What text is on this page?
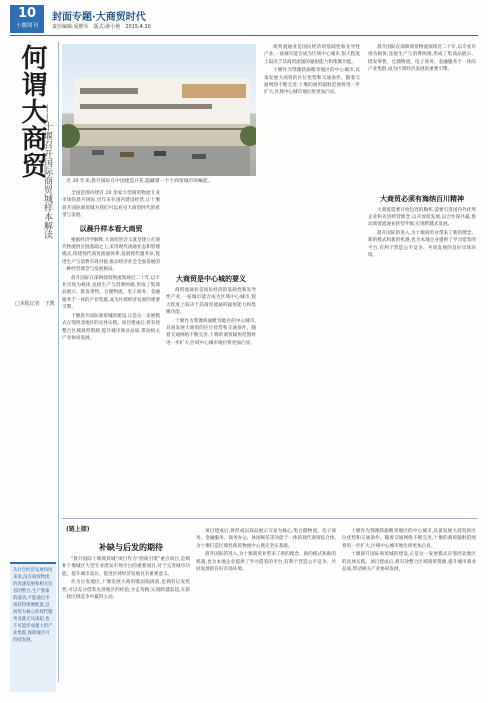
10
十堰周刊
封面专题·大商贸时代
责任编辑:夏维军　版式:薛小艳　2015.4.10
何谓大商贸
——十堰召开国际商贸城样本解读
□本报记者　王凯
近 20 年来,晨升国际在中国建造开花,隐藏着一个个商贸城市的崛起。

全国范围内建有 20 余家大型商贸物流专业市场的晨升国际,近年来在国内建设经营,让十堰晨升国际商贸城为我们可以看见大商贸时代的希望与发展。

以晨升样本看大商贸

根据经济学解释,大商贸的含义就是建立在现代物流供应链基础之上,采用现代流通业态和管理模式,构建现代商贸流通体系,发展现代服务业,促进生产与消费有效对接,推动经济社会全面发展的一种经营理念与发展格局。

晨升国际在深耕商贸物流领域近二十年,以专业市场为载体,连接生产与消费两端,形成了集商品展示、批发零售、仓储物流、电子商务、金融服务于一体的产业集群,成为区域经济发展的重要引擎。

十堰晨升国际商贸城的建设,正是这一发展模式在鄂西北地区的具体实践。项目建成后,将有效整合区域商贸资源,提升城市商业品质,带动相关产业协同发展。

大商贸是中心城的要义

商贸流通业是国民经济的基础性和先导性产业,一座城市能否成为区域中心城市,很大程度上取决于其商贸流通的辐射能力和集聚功能。

十堰作为鄂豫陕渝毗邻地区的中心城市,具备发展大商贸的区位优势和交通条件。随着交通网络不断完善,十堰的商贸辐射范围将进一步扩大,区域中心城市地位将更加凸显。

商贸流通业是国民经济的基础性和先导性产业,一座城市能否成为区域中心城市,很大程度上取决于其商贸流通的辐射能力和集聚功能。

十堰作为鄂豫陕渝毗邻地区的中心城市,具备发展大商贸的区位优势和交通条件。随着交通网络不断完善,十堰的商贸辐射范围将进一步扩大,区域中心城市地位将更加凸显。

晨升国际在深耕商贸物流领域近二十年,以专业市场为载体,连接生产与消费两端,形成了集商品展示、批发零售、仓储物流、电子商务、金融服务于一体的产业集群,成为区域经济发展的重要引擎。

大商贸必须有海纳百川精神

大商贸需要开放包容的胸怀,需要引进国内外优秀企业和先进经营理念,以开放促发展,以合作谋共赢,推动商贸流通业转型升级,实现跨越式发展。

晨升国际的进入,为十堰商贸业带来了新的理念、新的模式和新的机遇,也为本地企业提供了学习借鉴的平台,有利于营造公平竞争、共同发展的良好市场环境。

(链上接)
补缺与后发的期待

"晨升国际十堰商贸城"项目作为"招商引资"重点项目,是填补十堰城区大型专业批发市场空白的重要项目,对于完善城市功能、提升城市品位、促进区域经济发展具有重要意义。

作为后发地区,十堰发展大商贸既面临挑战,也拥有后发优势,可以充分借鉴先进地区的经验,少走弯路,实现跨越赶超,在新一轮区域竞争中赢得主动。

项目建成后,将形成以商品展示交易为核心,集仓储物流、电子商务、金融服务、商务办公、休闲娱乐等功能于一体的现代商贸综合体,为十堰打造区域性商贸物流中心奠定坚实基础。

晨升国际的进入,为十堰商贸业带来了新的理念、新的模式和新的机遇,也为本地企业提供了学习借鉴的平台,有利于营造公平竞争、共同发展的良好市场环境。

十堰作为鄂豫陕渝毗邻地区的中心城市,具备发展大商贸的区位优势和交通条件。随着交通网络不断完善,十堰的商贸辐射范围将进一步扩大,区域中心城市地位将更加凸显。

十堰晨升国际商贸城的建设,正是这一发展模式在鄂西北地区的具体实践。项目建成后,将有效整合区域商贸资源,提升城市商业品质,带动相关产业协同发展。

从社会经济发展角度来说,没有商贸物流的高速发展和相关信息的整合,生产要素的流动,不能通过市场获得资源配置,以商贸为核心的现代服务业就无从谈起,也不可能形成强大的产业集群,保障城市可持续发展。
